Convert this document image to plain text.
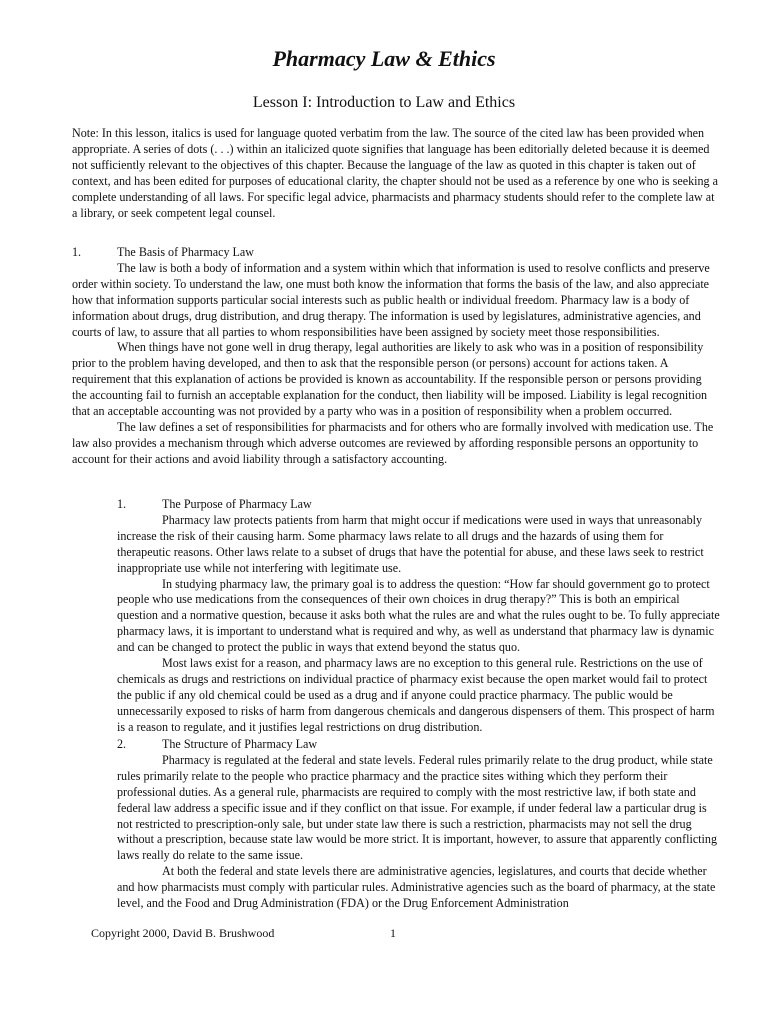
Pharmacy Law & Ethics
Lesson I: Introduction to Law and Ethics

Note: In this lesson, italics is used for language quoted verbatim from the law. The source of the cited law has been provided when appropriate. A series of dots (. . .) within an italicized quote signifies that language has been editorially deleted because it is deemed not sufficiently relevant to the objectives of this chapter. Because the language of the law as quoted in this chapter is taken out of context, and has been edited for purposes of educational clarity, the chapter should not be used as a reference by one who is seeking a complete understanding of all laws. For specific legal advice, pharmacists and pharmacy students should refer to the complete law at a library, or seek competent legal counsel.

1.	The Basis of Pharmacy Law

The law is both a body of information and a system within which that information is used to resolve conflicts and preserve order within society. To understand the law, one must both know the information that forms the basis of the law, and also appreciate how that information supports particular social interests such as public health or individual freedom. Pharmacy law is a body of information about drugs, drug distribution, and drug therapy. The information is used by legislatures, administrative agencies, and courts of law, to assure that all parties to whom responsibilities have been assigned by society meet those responsibilities.

When things have not gone well in drug therapy, legal authorities are likely to ask who was in a position of responsibility prior to the problem having developed, and then to ask that the responsible person (or persons) account for actions taken. A requirement that this explanation of actions be provided is known as accountability. If the responsible person or persons providing the accounting fail to furnish an acceptable explanation for the conduct, then liability will be imposed. Liability is legal recognition that an acceptable accounting was not provided by a party who was in a position of responsibility when a problem occurred.

The law defines a set of responsibilities for pharmacists and for others who are formally involved with medication use. The law also provides a mechanism through which adverse outcomes are reviewed by affording responsible persons an opportunity to account for their actions and avoid liability through a satisfactory accounting.

1.	The Purpose of Pharmacy Law

Pharmacy law protects patients from harm that might occur if medications were used in ways that unreasonably increase the risk of their causing harm. Some pharmacy laws relate to all drugs and the hazards of using them for therapeutic reasons. Other laws relate to a subset of drugs that have the potential for abuse, and these laws seek to restrict inappropriate use while not interfering with legitimate use.

In studying pharmacy law, the primary goal is to address the question: “How far should government go to protect people who use medications from the consequences of their own choices in drug therapy?” This is both an empirical question and a normative question, because it asks both what the rules are and what the rules ought to be. To fully appreciate pharmacy laws, it is important to understand what is required and why, as well as understand that pharmacy law is dynamic and can be changed to protect the public in ways that extend beyond the status quo.

Most laws exist for a reason, and pharmacy laws are no exception to this general rule. Restrictions on the use of chemicals as drugs and restrictions on individual practice of pharmacy exist because the open market would fail to protect the public if any old chemical could be used as a drug and if anyone could practice pharmacy. The public would be unnecessarily exposed to risks of harm from dangerous chemicals and dangerous dispensers of them. This prospect of harm is a reason to regulate, and it justifies legal restrictions on drug distribution.

2.	The Structure of Pharmacy Law

Pharmacy is regulated at the federal and state levels. Federal rules primarily relate to the drug product, while state rules primarily relate to the people who practice pharmacy and the practice sites withing which they perform their professional duties. As a general rule, pharmacists are required to comply with the most restrictive law, if both state and federal law address a specific issue and if they conflict on that issue. For example, if under federal law a particular drug is not restricted to prescription-only sale, but under state law there is such a restriction, pharmacists may not sell the drug without a prescription, because state law would be more strict. It is important, however, to assure that apparently conflicting laws really do relate to the same issue.

At both the federal and state levels there are administrative agencies, legislatures, and courts that decide whether and how pharmacists must comply with particular rules. Administrative agencies such as the board of pharmacy, at the state level, and the Food and Drug Administration (FDA) or the Drug Enforcement Administration

Copyright 2000, David B. Brushwood	1
